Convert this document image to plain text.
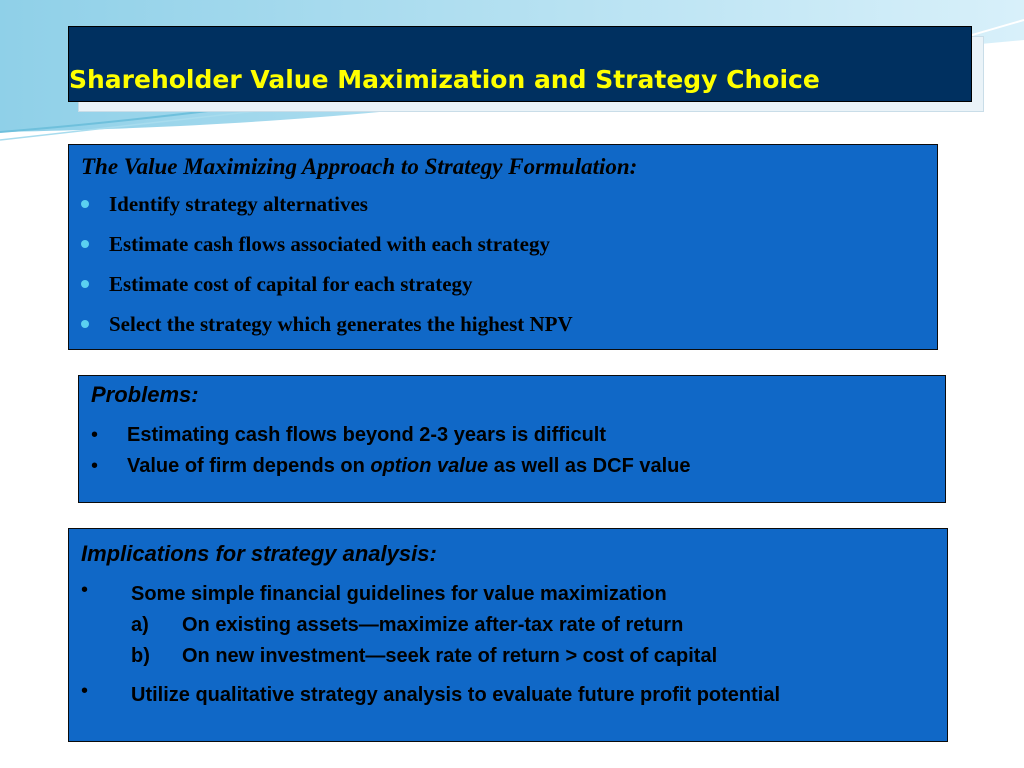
Shareholder Value Maximization and Strategy Choice
The Value Maximizing Approach to Strategy Formulation:
Identify strategy alternatives
Estimate cash flows associated with each strategy
Estimate cost of capital for each strategy
Select the strategy which generates the highest NPV
Problems:
•	Estimating cash flows beyond 2-3 years is difficult
•	Value of firm depends on option value as well as DCF value
Implications for strategy analysis:
•	Some simple financial guidelines for value maximization
a)	On existing assets—maximize after-tax rate of return
b)	On new investment—seek rate of return > cost of capital
•	Utilize qualitative strategy analysis to evaluate future profit potential
